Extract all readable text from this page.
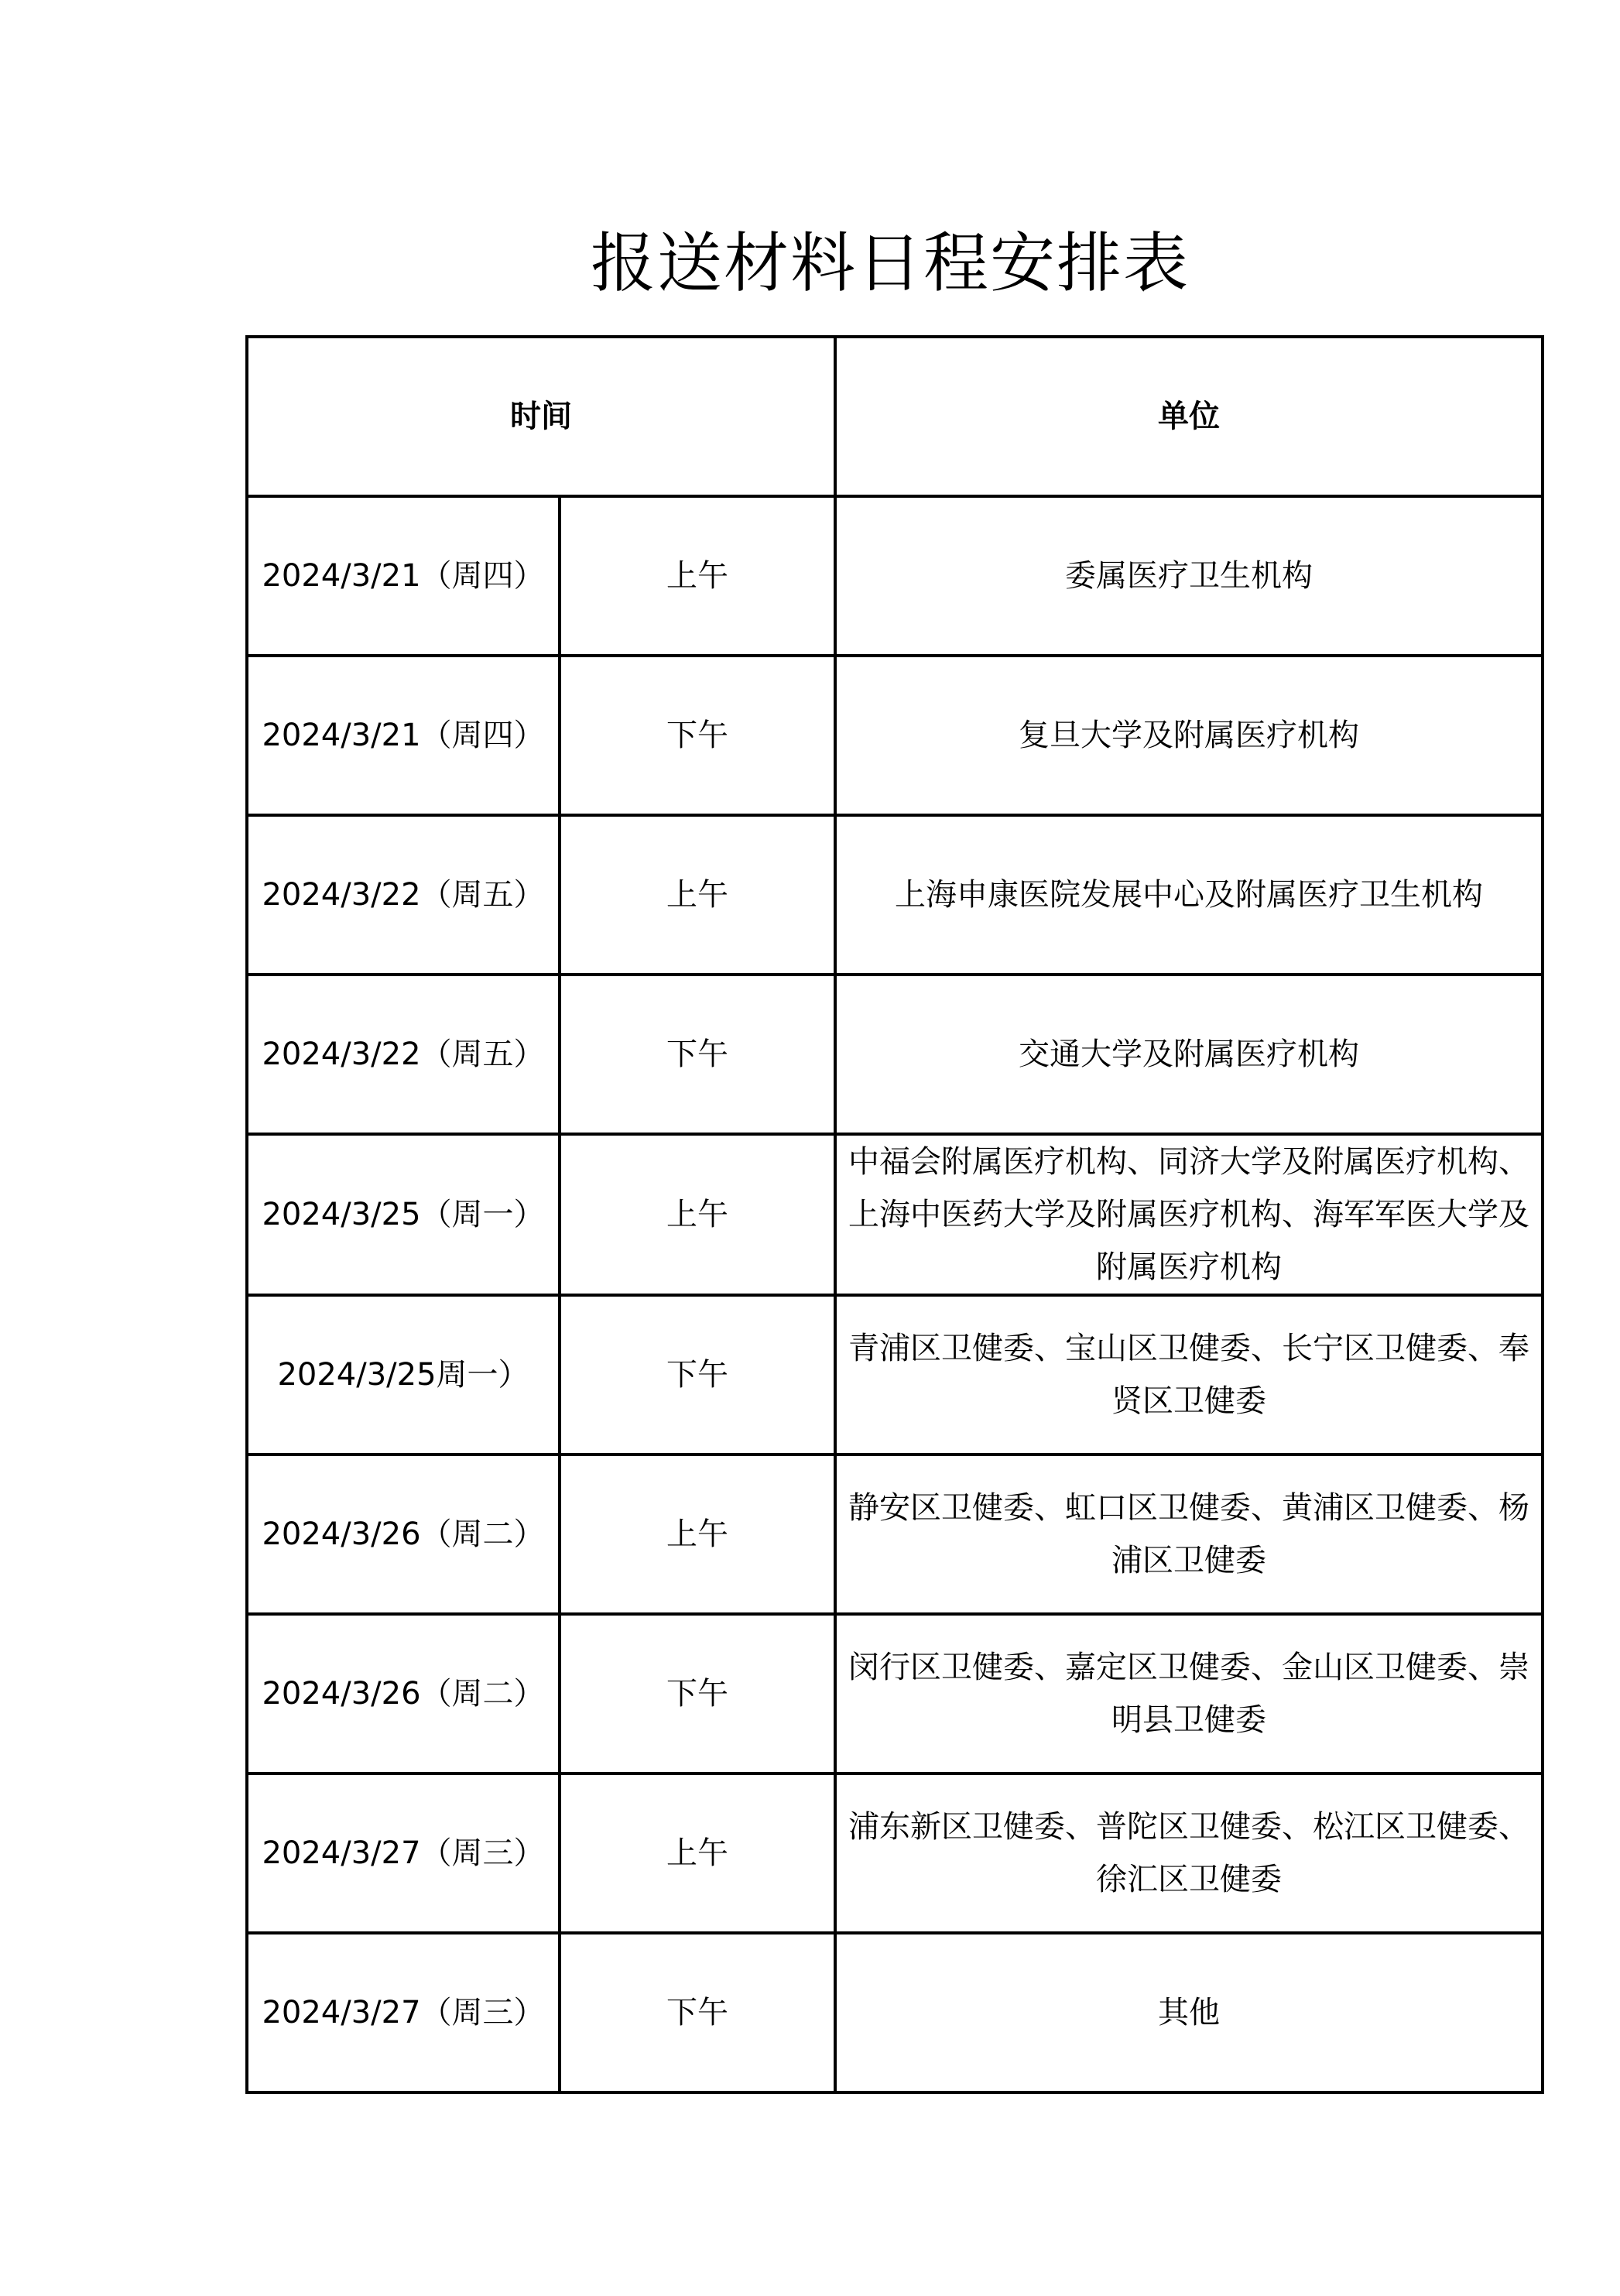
报送材料日程安排表
时间		单位
2024/3/21（周四）	上午	委属医疗卫生机构
2024/3/21（周四）	下午	复旦大学及附属医疗机构
2024/3/22（周五）	上午	上海申康医院发展中心及附属医疗卫生机构
2024/3/22（周五）	下午	交通大学及附属医疗机构
2024/3/25（周一）	上午	中福会附属医疗机构、同济大学及附属医疗机构、上海中医药大学及附属医疗机构、海军军医大学及附属医疗机构
2024/3/25周一）	下午	青浦区卫健委、宝山区卫健委、长宁区卫健委、奉贤区卫健委
2024/3/26（周二）	上午	静安区卫健委、虹口区卫健委、黄浦区卫健委、杨浦区卫健委
2024/3/26（周二）	下午	闵行区卫健委、嘉定区卫健委、金山区卫健委、崇明县卫健委
2024/3/27（周三）	上午	浦东新区卫健委、普陀区卫健委、松江区卫健委、徐汇区卫健委
2024/3/27（周三）	下午	其他
